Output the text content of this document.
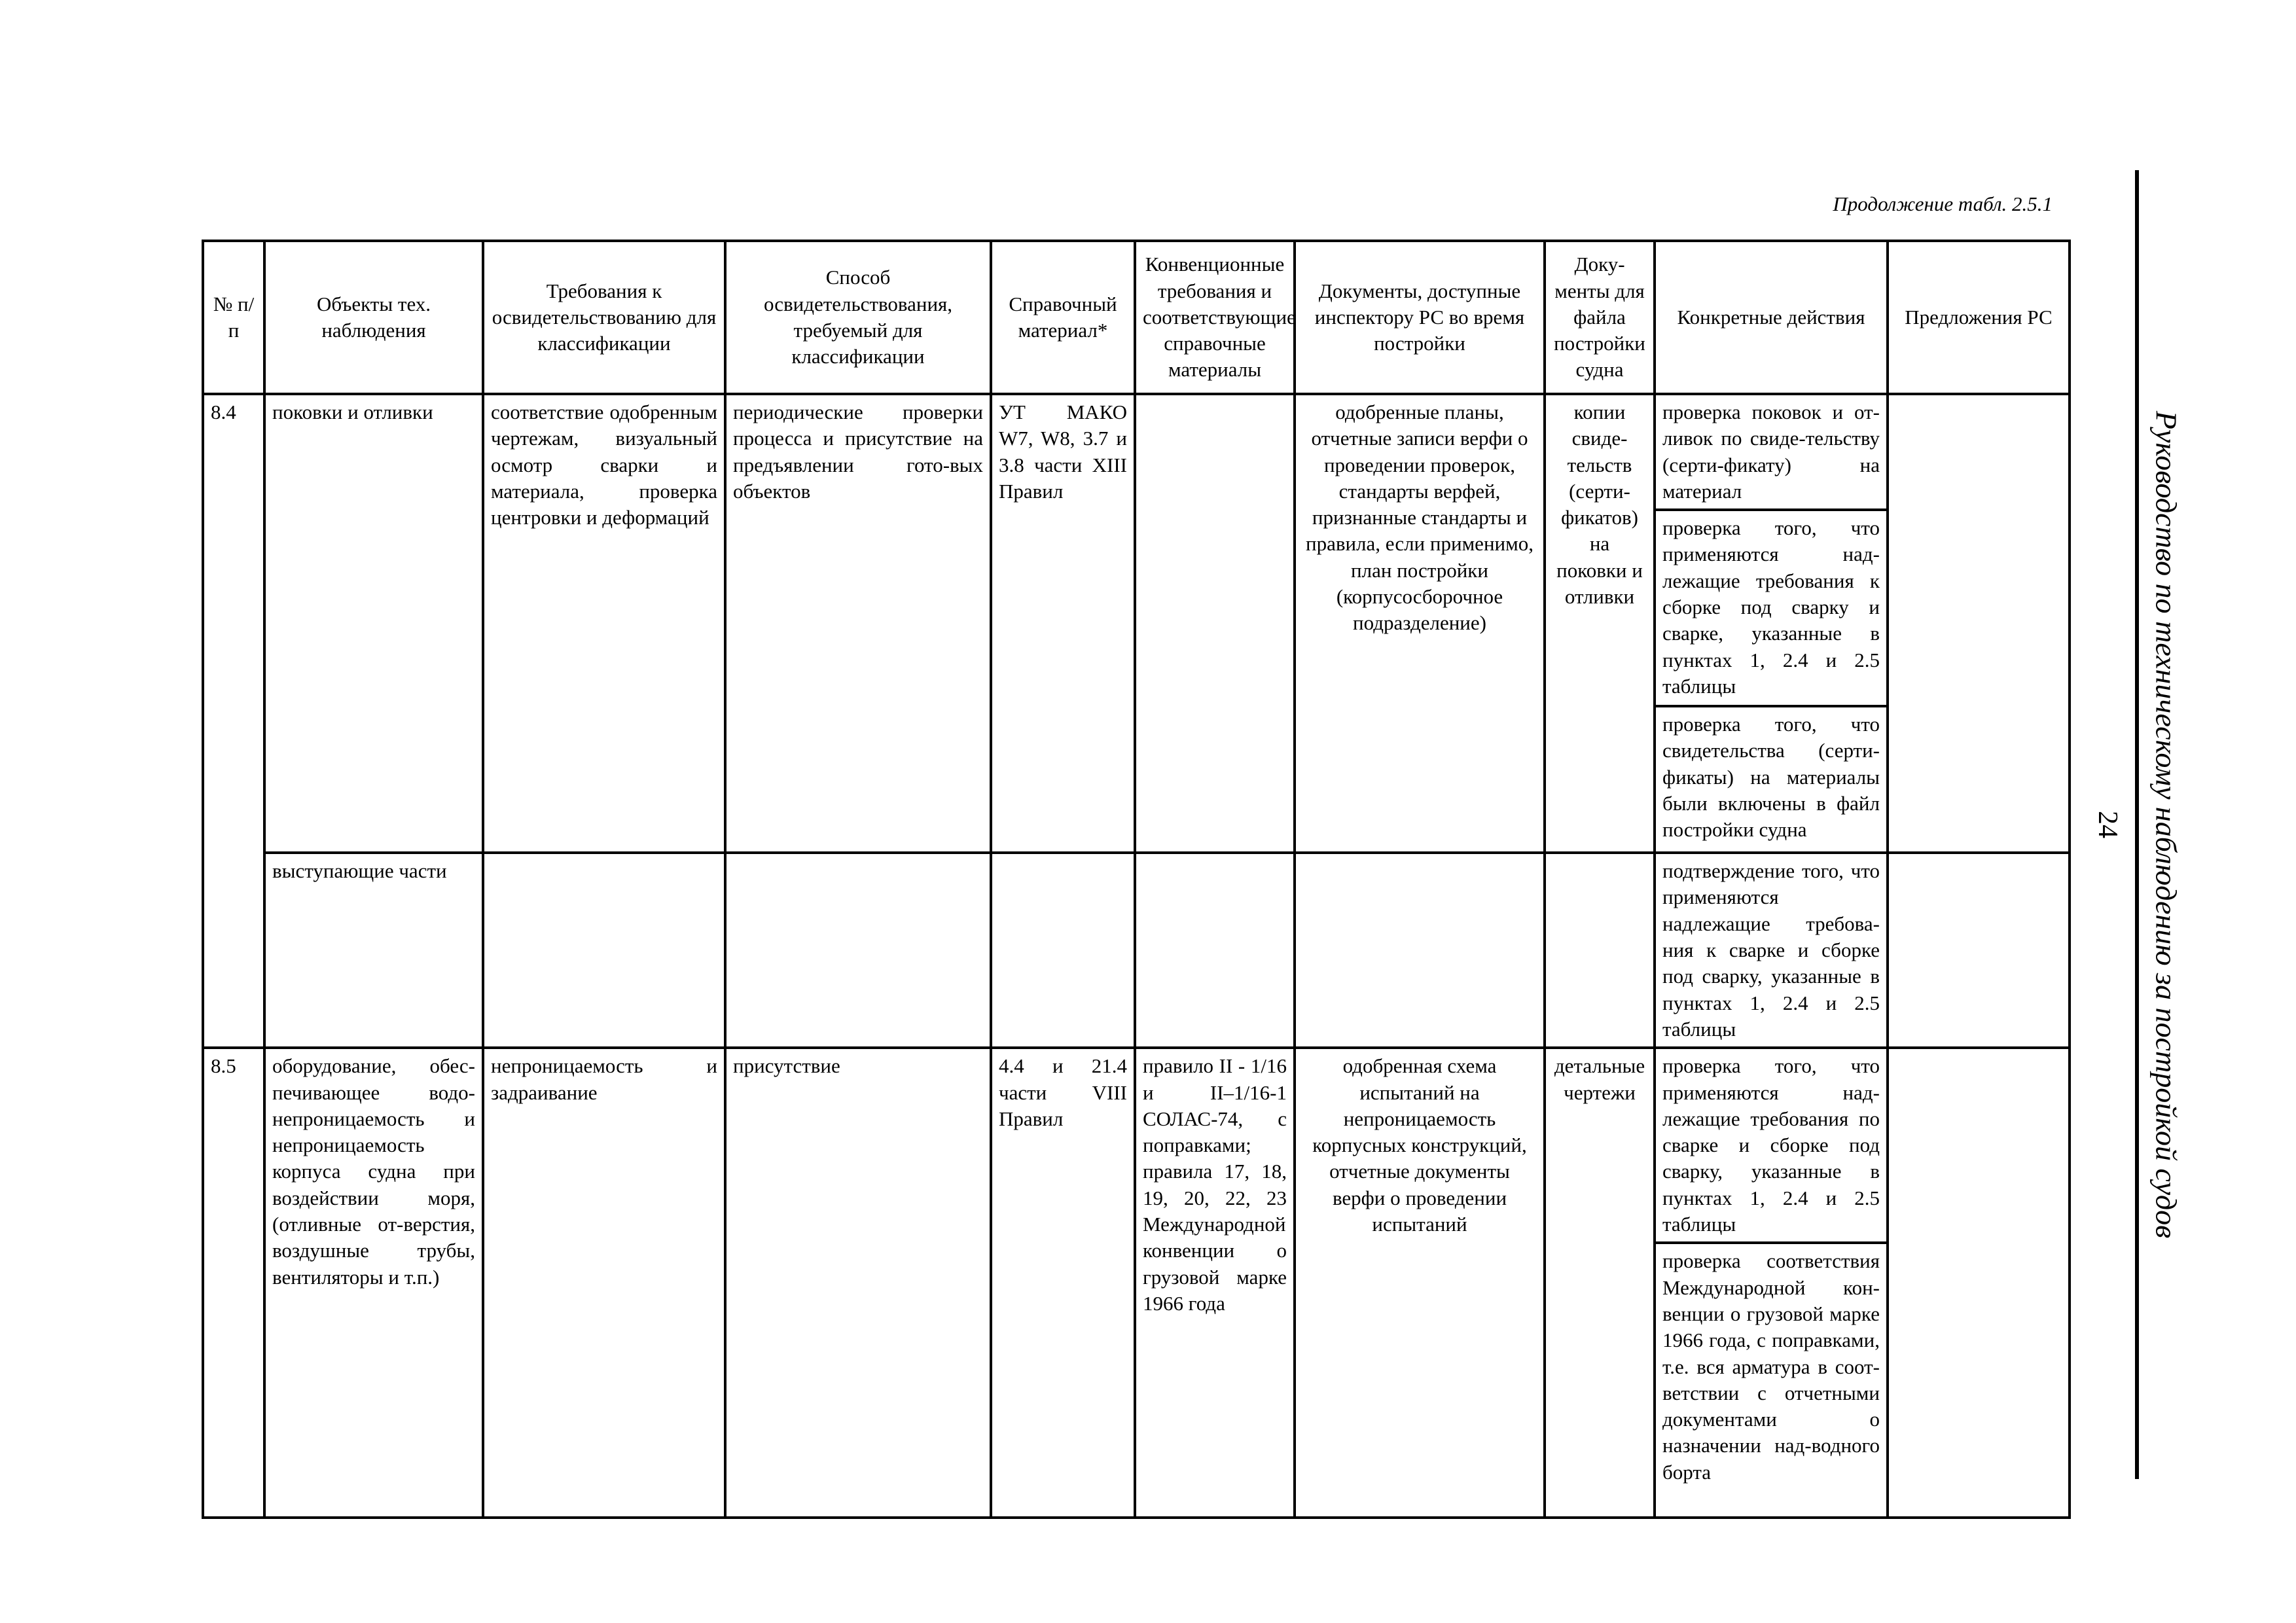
Продолжение табл. 2.5.1

№ п/п	Объекты тех. наблюдения	Требования к освидетельствованию для классификации	Способ освидетельствования, требуемый для классификации	Справочный материал*	Конвенционные требования и соответствующие справочные материалы	Документы, доступные инспектору РС во время постройки	Доку-менты для файла постройки судна	Конкретные действия	Предложения РС
8.4	поковки и отливки	соответствие одобренным чертежам, визуальный осмотр сварки и материала, проверка центровки и деформаций	периодические проверки процесса и присутствие на предъявлении гото-вых объектов	УТ МАКО W7, W8, 3.7 и 3.8 части XIII Правил		одобренные планы, отчетные записи верфи о проведении проверок, стандарты верфей, признанные стандарты и правила, если применимо, план постройки (корпусосборочное подразделение)	копии свиде-тельств (серти-фикатов) на поковки и отливки	проверка поковок и от-ливок по свиде-тельству (серти-фикату) на материал	
								проверка того, что применяются над-лежащие требования к сборке под сварку и сварке, указанные в пунктах 1, 2.4 и 2.5 таблицы	
								проверка того, что свидетельства (серти-фикаты) на материалы были включены в файл постройки судна	
	выступающие части							подтверждение того, что применяются надлежащие требова-ния к сварке и сборке под сварку, указанные в пунктах 1, 2.4 и 2.5 таблицы	
8.5	оборудование, обес-печивающее водо-непроницаемость и непроницаемость корпуса судна при воздействии моря, (отливные от-верстия, воздушные трубы, вентиляторы и т.п.)	непроницаемость и задраивание	присутствие	4.4 и 21.4 части VIII Правил	правило II - 1/16 и II–1/16-1 СОЛАС-74, с поправками; правила 17, 18, 19, 20, 22, 23 Международной конвенции о грузовой марке 1966 года	одобренная схема испытаний на непроницаемость корпусных конструкций, отчетные документы верфи о проведении испытаний	детальные чертежи	проверка того, что применяются над-лежащие требования по сварке и сборке под сварку, указанные в пунктах 1, 2.4 и 2.5 таблицы	
								проверка соответствия Международной кон-венции о грузовой марке 1966 года, с поправками, т.е. вся арматура в соот-ветствии с отчетными документами о назначении над-водного борта	

Руководство по техническому наблюдению за постройкой судов

24
